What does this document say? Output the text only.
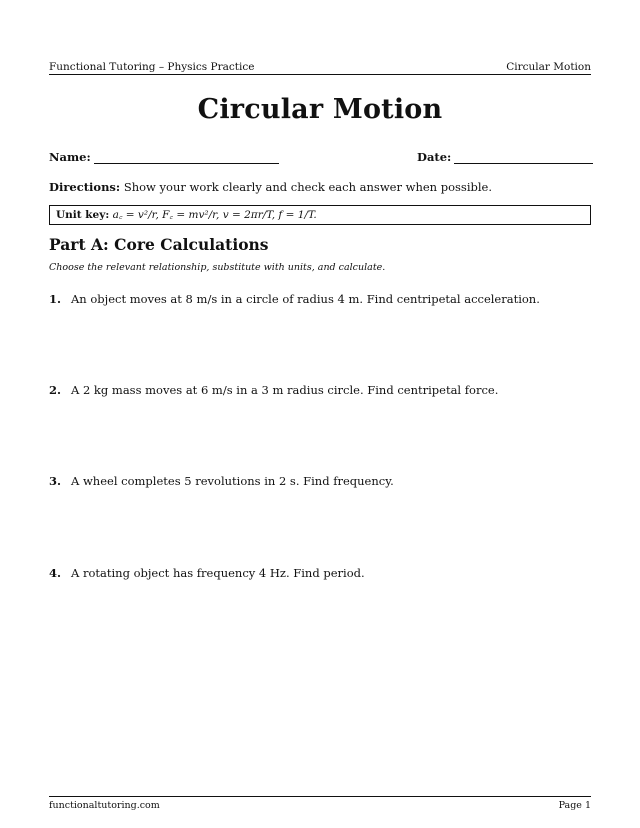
Functional Tutoring – Physics Practice	Circular Motion
Circular Motion
Name:	Date:
Directions: Show your work clearly and check each answer when possible.
Unit key: a꜀ = v²/r, F꜀ = mv²/r, v = 2πr/T, f = 1/T.
Part A: Core Calculations
Choose the relevant relationship, substitute with units, and calculate.
1. An object moves at 8 m/s in a circle of radius 4 m. Find centripetal acceleration.
2. A 2 kg mass moves at 6 m/s in a 3 m radius circle. Find centripetal force.
3. A wheel completes 5 revolutions in 2 s. Find frequency.
4. A rotating object has frequency 4 Hz. Find period.
functionaltutoring.com	Page 1
